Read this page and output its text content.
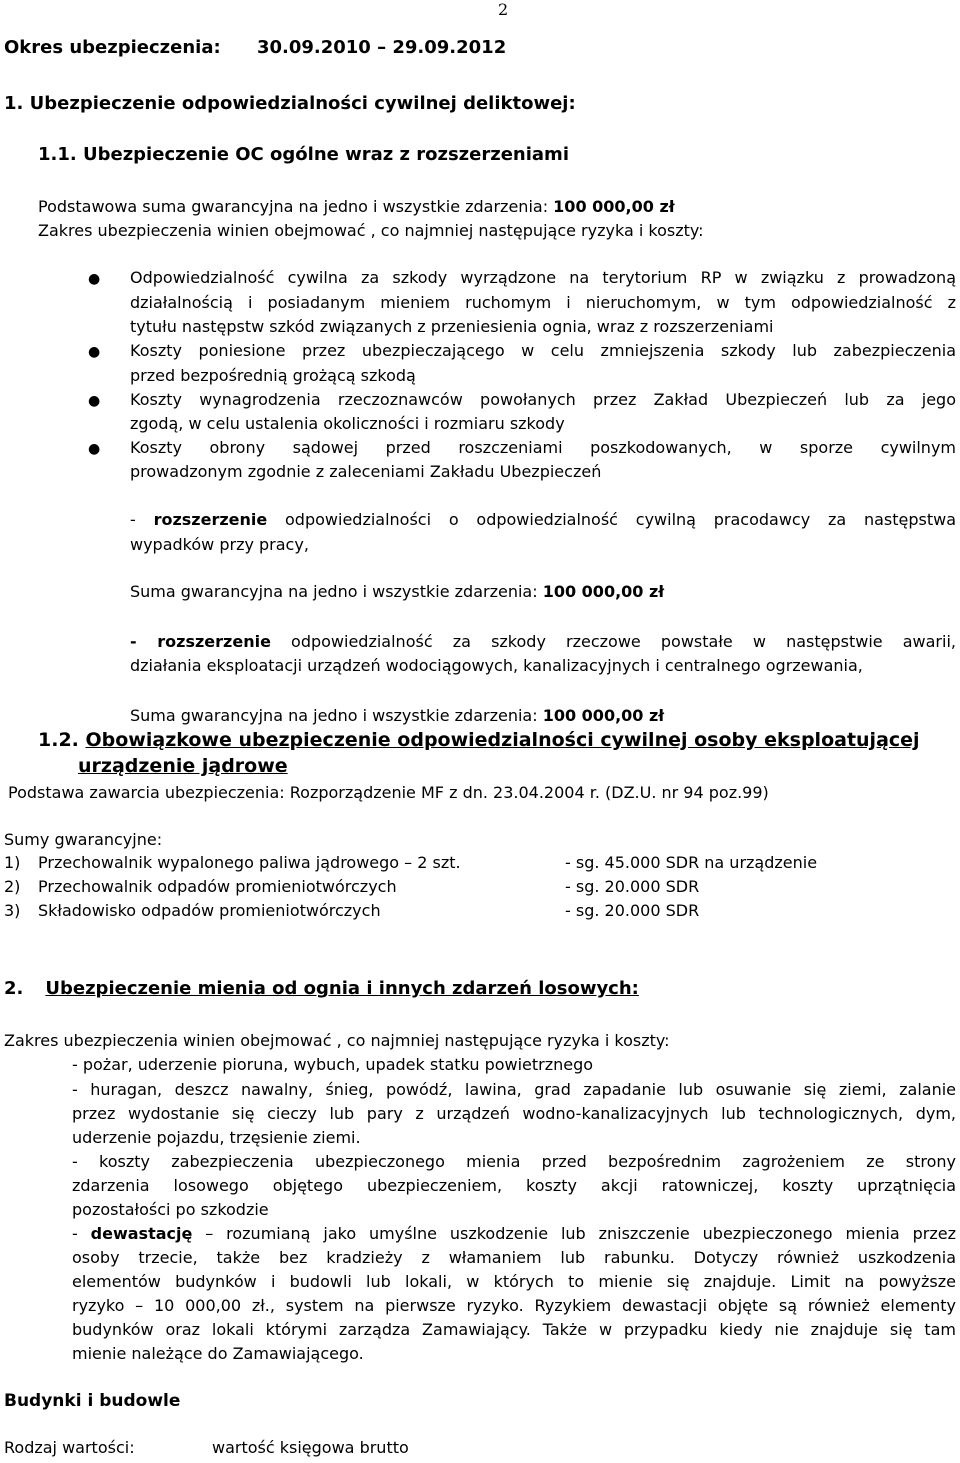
2
Okres ubezpieczenia: 30.09.2010 – 29.09.2012
1. Ubezpieczenie odpowiedzialności cywilnej deliktowej:
1.1. Ubezpieczenie OC ogólne wraz z rozszerzeniami
Podstawowa suma gwarancyjna na jedno i wszystkie zdarzenia: 100 000,00 zł
Zakres ubezpieczenia winien obejmować , co najmniej następujące ryzyka i koszty:
● Odpowiedzialność cywilna za szkody wyrządzone na terytorium RP w związku z prowadzoną
działalnością i posiadanym mieniem ruchomym i nieruchomym, w tym odpowiedzialność z
tytułu następstw szkód związanych z przeniesienia ognia, wraz z rozszerzeniami
● Koszty poniesione przez ubezpieczającego w celu zmniejszenia szkody lub zabezpieczenia
przed bezpośrednią grożącą szkodą
● Koszty wynagrodzenia rzeczoznawców powołanych przez Zakład Ubezpieczeń lub za jego
zgodą, w celu ustalenia okoliczności i rozmiaru szkody
● Koszty obrony sądowej przed roszczeniami poszkodowanych, w sporze cywilnym
prowadzonym zgodnie z zaleceniami Zakładu Ubezpieczeń
- rozszerzenie odpowiedzialności o odpowiedzialność cywilną pracodawcy za następstwa
wypadków przy pracy,
Suma gwarancyjna na jedno i wszystkie zdarzenia: 100 000,00 zł
- rozszerzenie odpowiedzialność za szkody rzeczowe powstałe w następstwie awarii,
działania eksploatacji urządzeń wodociągowych, kanalizacyjnych i centralnego ogrzewania,
Suma gwarancyjna na jedno i wszystkie zdarzenia: 100 000,00 zł
1.2. Obowiązkowe ubezpieczenie odpowiedzialności cywilnej osoby eksploatującej
urządzenie jądrowe
Podstawa zawarcia ubezpieczenia: Rozporządzenie MF z dn. 23.04.2004 r. (DZ.U. nr 94 poz.99)
Sumy gwarancyjne:
1) Przechowalnik wypalonego paliwa jądrowego – 2 szt.	- sg. 45.000 SDR na urządzenie
2) Przechowalnik odpadów promieniotwórczych	- sg. 20.000 SDR
3) Składowisko odpadów promieniotwórczych	- sg. 20.000 SDR
2. Ubezpieczenie mienia od ognia i innych zdarzeń losowych:
Zakres ubezpieczenia winien obejmować , co najmniej następujące ryzyka i koszty:
- pożar, uderzenie pioruna, wybuch, upadek statku powietrznego
- huragan, deszcz nawalny, śnieg, powódź, lawina, grad zapadanie lub osuwanie się ziemi, zalanie
przez wydostanie się cieczy lub pary z urządzeń wodno-kanalizacyjnych lub technologicznych, dym,
uderzenie pojazdu, trzęsienie ziemi.
- koszty zabezpieczenia ubezpieczonego mienia przed bezpośrednim zagrożeniem ze strony
zdarzenia losowego objętego ubezpieczeniem, koszty akcji ratowniczej, koszty uprzątnięcia
pozostałości po szkodzie
- dewastację – rozumianą jako umyślne uszkodzenie lub zniszczenie ubezpieczonego mienia przez
osoby trzecie, także bez kradzieży z włamaniem lub rabunku. Dotyczy również uszkodzenia
elementów budynków i budowli lub lokali, w których to mienie się znajduje. Limit na powyższe
ryzyko – 10 000,00 zł., system na pierwsze ryzyko. Ryzykiem dewastacji objęte są również elementy
budynków oraz lokali którymi zarządza Zamawiający. Także w przypadku kiedy nie znajduje się tam
mienie należące do Zamawiającego.
Budynki i budowle
Rodzaj wartości:	wartość księgowa brutto
